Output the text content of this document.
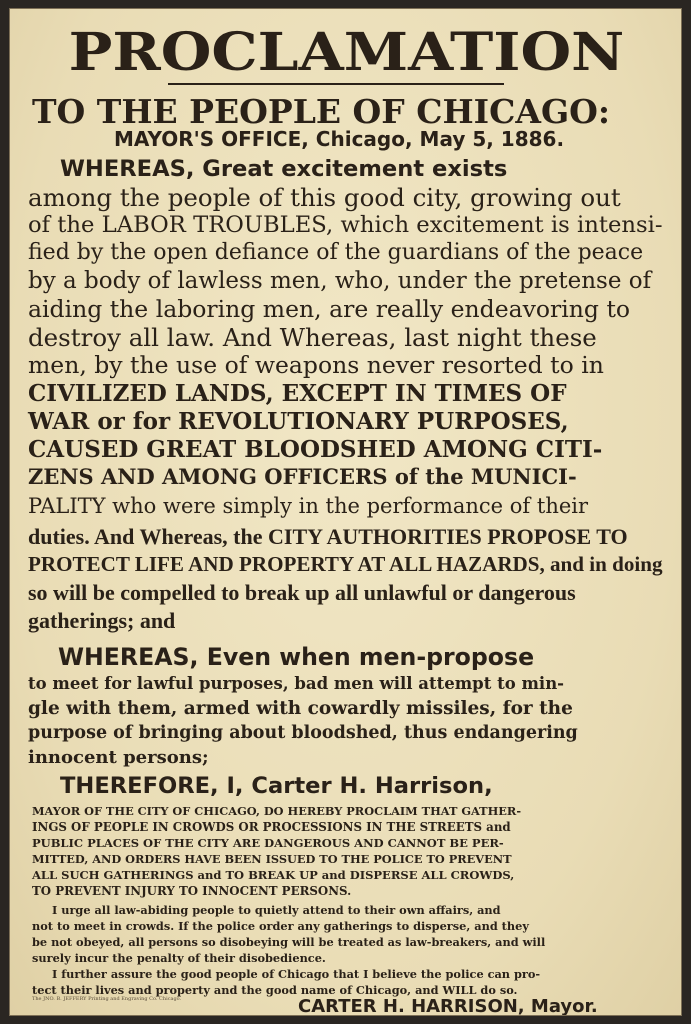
PROCLAMATION
TO THE PEOPLE OF CHICAGO:
MAYOR'S OFFICE, Chicago, May 5, 1886.
WHEREAS, Great excitement exists
among the people of this good city, growing out
of the LABOR TROUBLES, which excitement is intensi-
fied by the open defiance of the guardians of the peace
by a body of lawless men, who, under the pretense of
aiding the laboring men, are really endeavoring to
destroy all law. And Whereas, last night these
men, by the use of weapons never resorted to in
CIVILIZED LANDS, EXCEPT IN TIMES OF
WAR or for REVOLUTIONARY PURPOSES,
CAUSED GREAT BLOODSHED AMONG CITI-
ZENS AND AMONG OFFICERS of the MUNICI-
PALITY who were simply in the performance of their
duties. And Whereas, the CITY AUTHORITIES PROPOSE TO
PROTECT LIFE AND PROPERTY AT ALL HAZARDS, and in doing
so will be compelled to break up all unlawful or dangerous
gatherings; and
WHEREAS, Even when men-propose
to meet for lawful purposes, bad men will attempt to min-
gle with them, armed with cowardly missiles, for the
purpose of bringing about bloodshed, thus endangering
innocent persons;
THEREFORE, I, Carter H. Harrison,
MAYOR OF THE CITY OF CHICAGO, DO HEREBY PROCLAIM THAT GATHER-
INGS OF PEOPLE IN CROWDS OR PROCESSIONS IN THE STREETS and
PUBLIC PLACES OF THE CITY ARE DANGEROUS AND CANNOT BE PER-
MITTED, AND ORDERS HAVE BEEN ISSUED TO THE POLICE TO PREVENT
ALL SUCH GATHERINGS and TO BREAK UP and DISPERSE ALL CROWDS,
TO PREVENT INJURY TO INNOCENT PERSONS.
I urge all law-abiding people to quietly attend to their own affairs, and
not to meet in crowds. If the police order any gatherings to disperse, and they
be not obeyed, all persons so disobeying will be treated as law-breakers, and will
surely incur the penalty of their disobedience.
I further assure the good people of Chicago that I believe the police can pro-
tect their lives and property and the good name of Chicago, and WILL do so.
The JNO. B. JEFFERY Printing and Engraving Co. Chicago.	CARTER H. HARRISON, Mayor.
